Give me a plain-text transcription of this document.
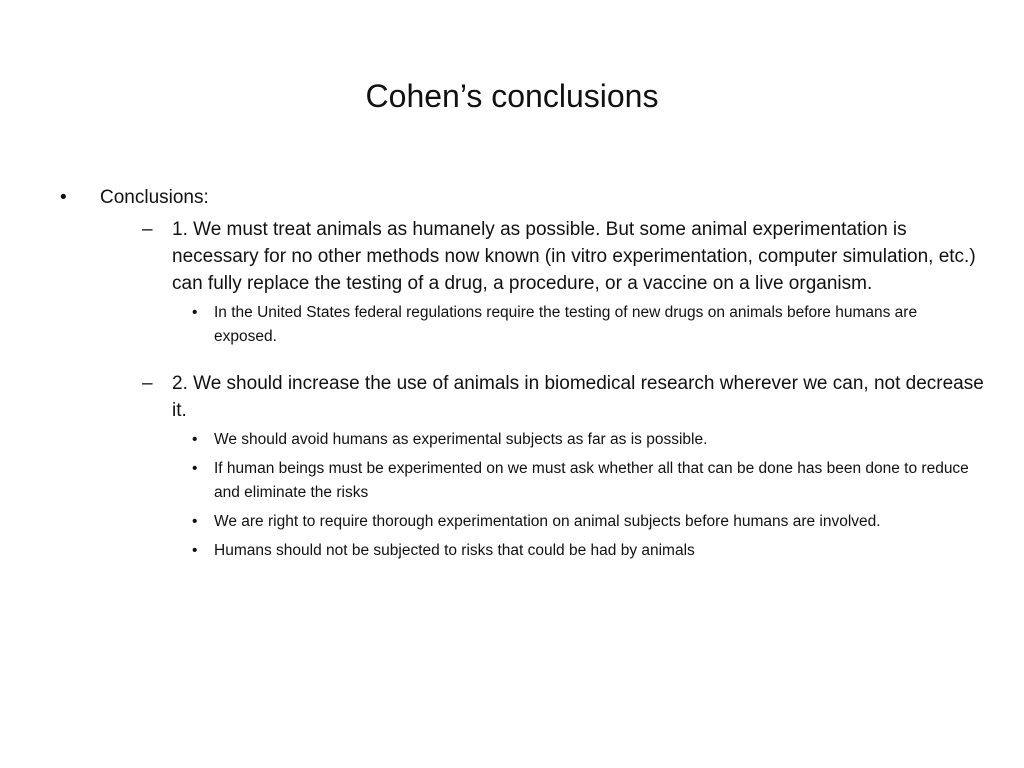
Cohen’s conclusions
• Conclusions:
– 1. We must treat animals as humanely as possible. But some animal experimentation is necessary for no other methods now known (in vitro experimentation, computer simulation, etc.) can fully replace the testing of a drug, a procedure, or a vaccine on a live organism.
• In the United States federal regulations require the testing of new drugs on animals before humans are exposed.
– 2. We should increase the use of animals in biomedical research wherever we can, not decrease it.
• We should avoid humans as experimental subjects as far as is possible.
• If human beings must be experimented on we must ask whether all that can be done has been done to reduce and eliminate the risks
• We are right to require thorough experimentation on animal subjects before humans are involved.
• Humans should not be subjected to risks that could be had by animals
